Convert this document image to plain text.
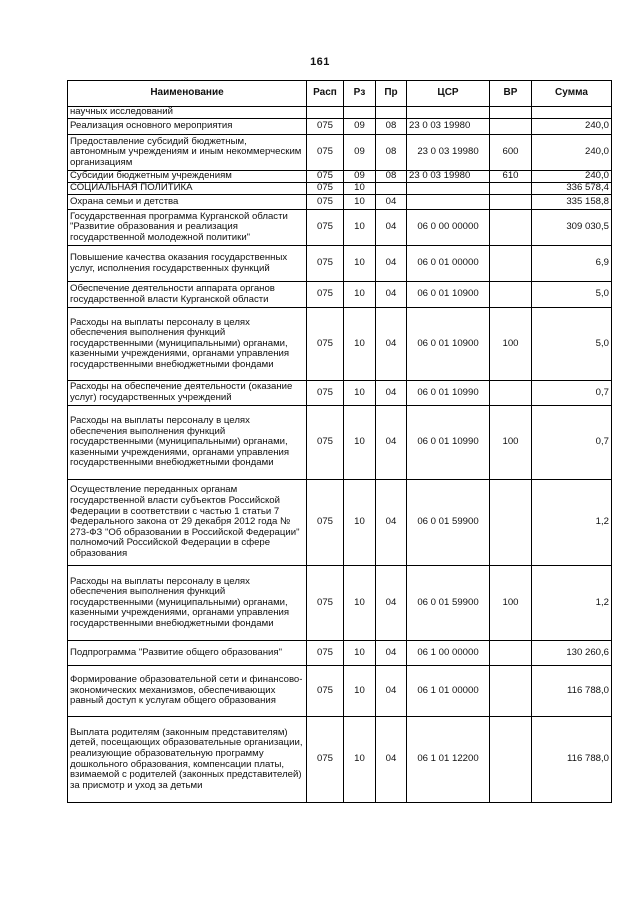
161
Наименование	Расп	Рз	Пр	ЦСР	ВР	Сумма
научных исследований						
Реализация основного мероприятия	075	09	08	23 0 03 19980		240,0
Предоставление субсидий бюджетным, автономным учреждениям и иным некоммерческим организациям	075	09	08	23 0 03 19980	600	240,0
Субсидии бюджетным учреждениям	075	09	08	23 0 03 19980	610	240,0
СОЦИАЛЬНАЯ ПОЛИТИКА	075	10				336 578,4
Охрана семьи и детства	075	10	04			335 158,8
Государственная программа Курганской области "Развитие образования и реализация государственной молодежной политики"	075	10	04	06 0 00 00000		309 030,5
Повышение качества оказания государственных услуг, исполнения государственных функций	075	10	04	06 0 01 00000		6,9
Обеспечение деятельности аппарата органов государственной власти Курганской области	075	10	04	06 0 01 10900		5,0
Расходы на выплаты персоналу в целях обеспечения выполнения функций государственными (муниципальными) органами, казенными учреждениями, органами управления государственными внебюджетными фондами	075	10	04	06 0 01 10900	100	5,0
Расходы на обеспечение деятельности (оказание услуг) государственных учреждений	075	10	04	06 0 01 10990		0,7
Расходы на выплаты персоналу в целях обеспечения выполнения функций государственными (муниципальными) органами, казенными учреждениями, органами управления государственными внебюджетными фондами	075	10	04	06 0 01 10990	100	0,7
Осуществление переданных органам государственной власти субъектов Российской Федерации в соответствии с частью 1 статьи 7 Федерального закона от 29 декабря 2012 года № 273-ФЗ "Об образовании в Российской Федерации" полномочий Российской Федерации в сфере образования	075	10	04	06 0 01 59900		1,2
Расходы на выплаты персоналу в целях обеспечения выполнения функций государственными (муниципальными) органами, казенными учреждениями, органами управления государственными внебюджетными фондами	075	10	04	06 0 01 59900	100	1,2
Подпрограмма "Развитие общего образования"	075	10	04	06 1 00 00000		130 260,6
Формирование образовательной сети и финансово-экономических механизмов, обеспечивающих равный доступ к услугам общего образования	075	10	04	06 1 01 00000		116 788,0
Выплата родителям (законным представителям) детей, посещающих образовательные организации, реализующие образовательную программу дошкольного образования, компенсации платы, взимаемой с родителей (законных представителей) за присмотр и уход за детьми	075	10	04	06 1 01 12200		116 788,0
